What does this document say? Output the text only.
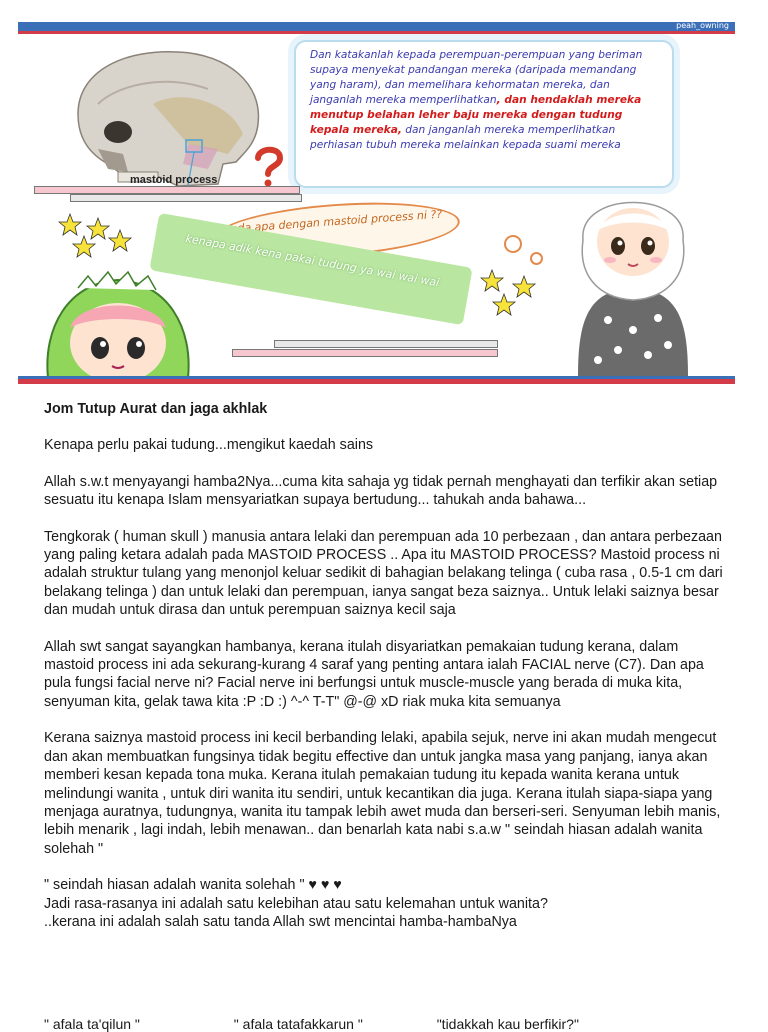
peah_owning
mastoid process
Dan katakanlah kepada perempuan-perempuan yang beriman supaya menyekat pandangan mereka (daripada memandang yang haram), dan memelihara kehormatan mereka, dan janganlah mereka memperlihatkan, dan hendaklah mereka menutup belahan leher baju mereka dengan tudung kepala mereka, dan janganlah mereka memperlihatkan perhiasan tubuh mereka melainkan kepada suami mereka
ada apa dengan mastoid process ni ??
kenapa adik kena pakai tudung ya wai wai wai

Jom Tutup Aurat dan jaga akhlak

Kenapa perlu pakai tudung...mengikut kaedah sains

Allah s.w.t menyayangi hamba2Nya...cuma kita sahaja yg tidak pernah menghayati dan terfikir akan setiap sesuatu itu kenapa Islam mensyariatkan supaya bertudung... tahukah anda bahawa...

Tengkorak ( human skull ) manusia antara lelaki dan perempuan ada 10 perbezaan , dan antara perbezaan yang paling ketara adalah pada MASTOID PROCESS .. Apa itu MASTOID PROCESS? Mastoid process ni adalah struktur tulang yang menonjol keluar sedikit di bahagian belakang telinga ( cuba rasa , 0.5-1 cm dari belakang telinga ) dan untuk lelaki dan perempuan, ianya sangat beza saiznya.. Untuk lelaki saiznya besar dan mudah untuk dirasa dan untuk perempuan saiznya kecil saja

Allah swt sangat sayangkan hambanya, kerana itulah disyariatkan pemakaian tudung kerana, dalam mastoid process ini ada sekurang-kurang 4 saraf yang penting antara ialah FACIAL nerve (C7). Dan apa pula fungsi facial nerve ni? Facial nerve ini berfungsi untuk muscle-muscle yang berada di muka kita, senyuman kita, gelak tawa kita :P :D :) ^-^ T-T" @-@ xD riak muka kita semuanya

Kerana saiznya mastoid process ini kecil berbanding lelaki, apabila sejuk, nerve ini akan mudah mengecut dan akan membuatkan fungsinya tidak begitu effective dan untuk jangka masa yang panjang, ianya akan memberi kesan kepada tona muka. Kerana itulah pemakaian tudung itu kepada wanita kerana untuk melindungi wanita , untuk diri wanita itu sendiri, untuk kecantikan dia juga. Kerana itulah siapa-siapa yang menjaga auratnya, tudungnya, wanita itu tampak lebih awet muda dan berseri-seri. Senyuman lebih manis, lebih menarik , lagi indah, lebih menawan.. dan benarlah kata nabi s.a.w " seindah hiasan adalah wanita solehah "

" seindah hiasan adalah wanita solehah " ♥ ♥ ♥
Jadi rasa-rasanya ini adalah satu kelebihan atau satu kelemahan untuk wanita?
..kerana ini adalah salah satu tanda Allah swt mencintai hamba-hambaNya
" afala ta'qilun "	" afala tatafakkarun "	"tidakkah kau berfikir?"
